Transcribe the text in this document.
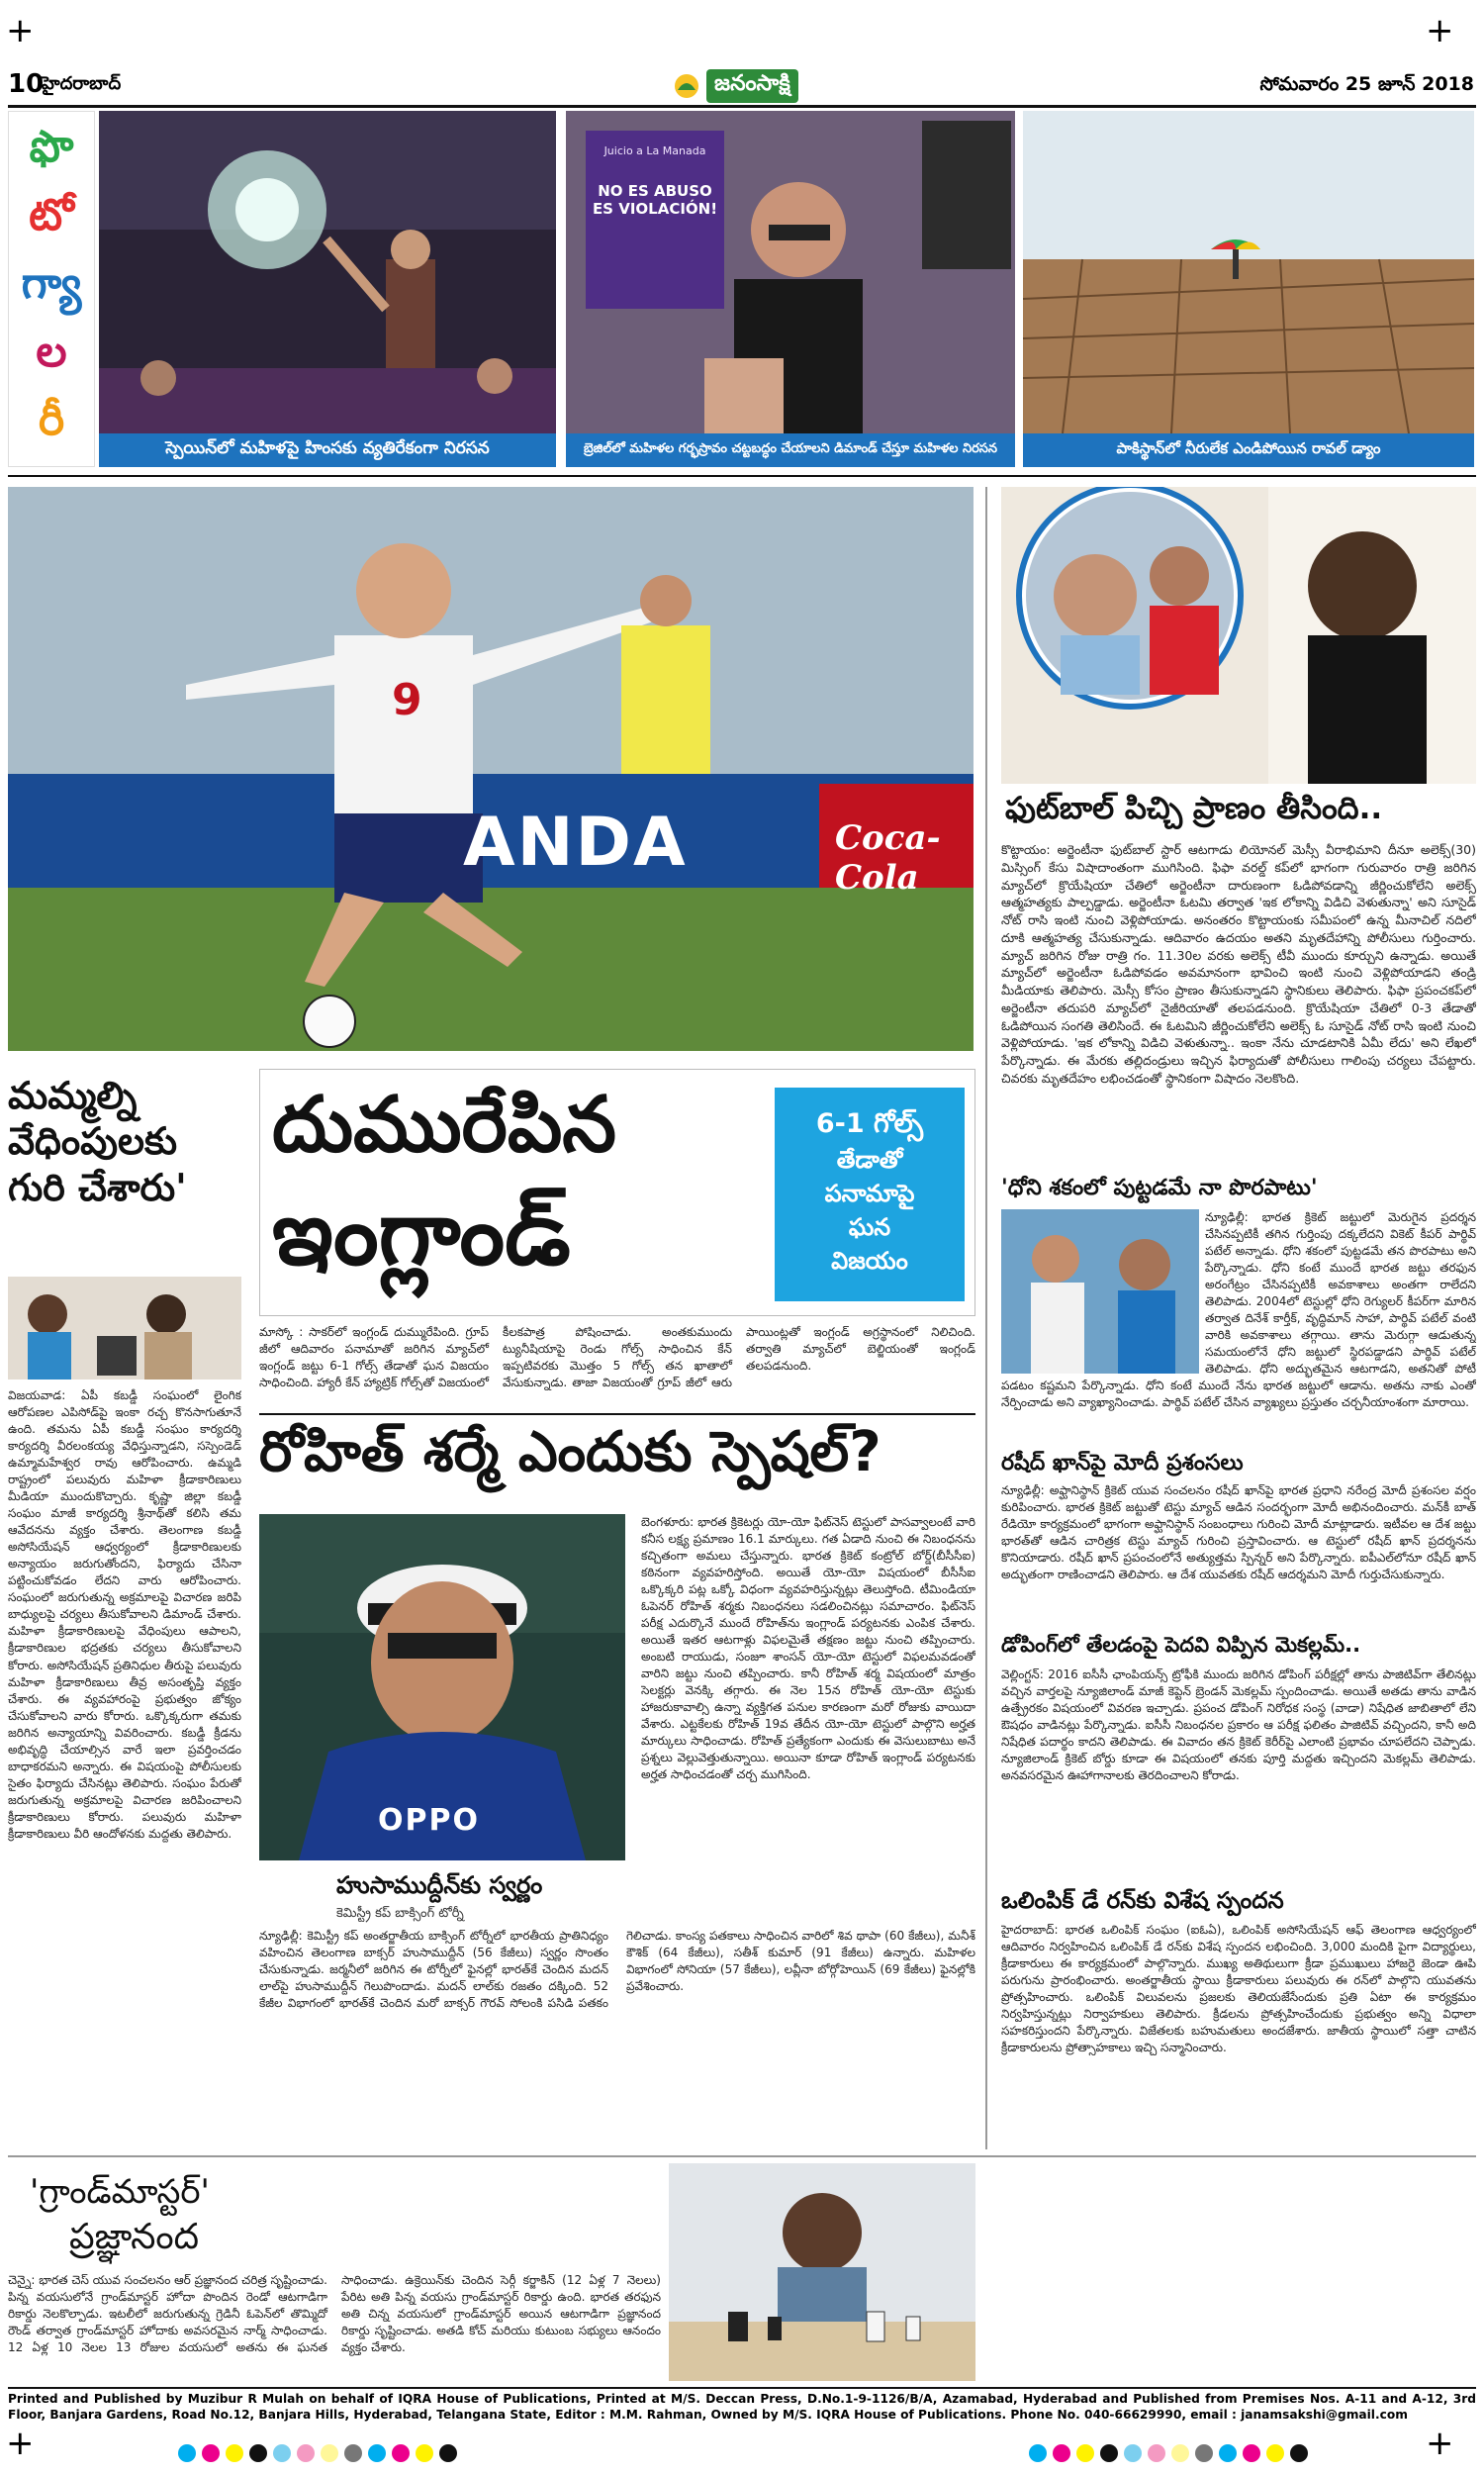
+	+
+	+
10
హైదరాబాద్	జనంసాక్షి	సోమవారం 25 జూన్ 2018
ఫొ
టో
గ్యా
ల
రీ
NO ES ABUSO ES VIOLACIÓN!
Juicio a La Manada
స్పెయిన్‌లో మహిళపై హింసకు వ్యతిరేకంగా నిరసన	బ్రెజిల్‌లో మహిళల గర్భస్రావం చట్టబద్ధం చేయాలని డిమాండ్ చేస్తూ మహిళల నిరసన	పాకిస్థాన్‌లో నీరులేక ఎండిపోయిన రావల్ డ్యాం
9
ANDA	Coca-Cola
ఫుట్‌బాల్ పిచ్చి ప్రాణం తీసింది..
కొట్టాయం: అర్జెంటీనా ఫుట్‌బాల్ స్టార్ ఆటగాడు లియోనల్ మెస్సీ వీరాభిమాని దీనూ అలెక్స్(30) మిస్సింగ్ కేసు విషాదాంతంగా ముగిసింది. ఫిఫా వరల్డ్ కప్‌లో భాగంగా గురువారం రాత్రి జరిగిన మ్యాచ్‌లో క్రొయేషియా చేతిలో అర్జెంటీనా దారుణంగా ఓడిపోవడాన్ని జీర్ణించుకోలేని అలెక్స్ ఆత్మహత్యకు పాల్పడ్డాడు. అర్జెంటీనా ఓటమి తర్వాత 'ఇక లోకాన్ని విడిచి వెళుతున్నా' అని సూసైడ్ నోట్ రాసి ఇంటి నుంచి వెళ్లిపోయాడు. అనంతరం కొట్టాయంకు సమీపంలో ఉన్న మీనాచిల్ నదిలో దూకి ఆత్మహత్య చేసుకున్నాడు. ఆదివారం ఉదయం అతని మృతదేహాన్ని పోలీసులు గుర్తించారు. మ్యాచ్ జరిగిన రోజు రాత్రి గం. 11.30ల వరకు అలెక్స్ టీవీ ముందు కూర్చుని ఉన్నాడు. అయితే మ్యాచ్‌లో అర్జెంటీనా ఓడిపోవడం అవమానంగా భావించి ఇంటి నుంచి వెళ్లిపోయాడని తండ్రి మీడియాకు తెలిపారు. మెస్సీ కోసం ప్రాణం తీసుకున్నాడని స్థానికులు తెలిపారు. ఫిఫా ప్రపంచకప్‌లో అర్జెంటీనా తదుపరి మ్యాచ్‌లో నైజీరియాతో తలపడనుంది. క్రొయేషియా చేతిలో 0-3 తేడాతో ఓడిపోయిన సంగతి తెలిసిందే. ఈ ఓటమిని జీర్ణించుకోలేని అలెక్స్ ఓ సూసైడ్ నోట్ రాసి ఇంటి నుంచి వెళ్లిపోయాడు. 'ఇక లోకాన్ని విడిచి వెళుతున్నా.. ఇంకా నేను చూడటానికి ఏమీ లేదు' అని లేఖలో పేర్కొన్నాడు. ఈ మేరకు తల్లిదండ్రులు ఇచ్చిన ఫిర్యాదుతో పోలీసులు గాలింపు చర్యలు చేపట్టారు. చివరకు మృతదేహం లభించడంతో స్థానికంగా విషాదం నెలకొంది.
మమ్మల్ని వేధింపులకు గురి చేశారు'
విజయవాడ: ఏపీ కబడ్డీ సంఘంలో లైంగిక ఆరోపణల ఎపిసోడ్‌పై ఇంకా రచ్చ కొనసాగుతూనే ఉంది. తమను ఏపీ కబడ్డీ సంఘం కార్యదర్శి కార్యదర్శి వీరలంకయ్య వేధిస్తున్నాడని, సస్పెండెడ్ ఉమ్మామహేశ్వర రావు ఆరోపించారు. ఉమ్మడి రాష్ట్రంలో పలువురు మహిళా క్రీడాకారిణులు మీడియా ముందుకొచ్చారు. కృష్ణా జిల్లా కబడ్డీ సంఘం మాజీ కార్యదర్శి శ్రీనాథ్‌తో కలిసి తమ ఆవేదనను వ్యక్తం చేశారు. తెలంగాణ కబడ్డీ అసోసియేషన్ ఆధ్వర్యంలో క్రీడాకారిణులకు అన్యాయం జరుగుతోందని, ఫిర్యాదు చేసినా పట్టించుకోవడం లేదని వారు ఆరోపించారు. సంఘంలో జరుగుతున్న అక్రమాలపై విచారణ జరిపి బాధ్యులపై చర్యలు తీసుకోవాలని డిమాండ్ చేశారు. మహిళా క్రీడాకారిణులపై వేధింపులు ఆపాలని, క్రీడాకారిణుల భద్రతకు చర్యలు తీసుకోవాలని కోరారు. అసోసియేషన్ ప్రతినిధుల తీరుపై పలువురు మహిళా క్రీడాకారిణులు తీవ్ర అసంతృప్తి వ్యక్తం చేశారు. ఈ వ్యవహారంపై ప్రభుత్వం జోక్యం చేసుకోవాలని వారు కోరారు. ఒక్కొక్కరుగా తమకు జరిగిన అన్యాయాన్ని వివరించారు. కబడ్డీ క్రీడను అభివృద్ధి చేయాల్సిన వారే ఇలా ప్రవర్తించడం బాధాకరమని అన్నారు. ఈ విషయంపై పోలీసులకు సైతం ఫిర్యాదు చేసినట్లు తెలిపారు. సంఘం పేరుతో జరుగుతున్న అక్రమాలపై విచారణ జరిపించాలని క్రీడాకారిణులు కోరారు. పలువురు మహిళా క్రీడాకారిణులు వీరి ఆందోళనకు మద్దతు తెలిపారు.
దుమురేపిన
ఇంగ్లాండ్
6-1 గోల్స్
తేడాతో
పనామాపై
ఘన
విజయం
మాస్కో : సాకర్‌లో ఇంగ్లండ్ దుమ్మురేపింది. గ్రూప్ జీలో ఆదివారం పనామాతో జరిగిన మ్యాచ్‌లో ఇంగ్లండ్ జట్టు 6-1 గోల్స్ తేడాతో ఘన విజయం సాధించింది. హ్యారీ కేన్ హ్యాట్రిక్ గోల్స్‌తో విజయంలో కీలకపాత్ర పోషించాడు. అంతకుముందు ట్యునీషియాపై రెండు గోల్స్ సాధించిన కేన్ ఇప్పటివరకు మొత్తం 5 గోల్స్ తన ఖాతాలో వేసుకున్నాడు. తాజా విజయంతో గ్రూప్ జీలో ఆరు పాయింట్లతో ఇంగ్లండ్ అగ్రస్థానంలో నిలిచింది. తర్వాతి మ్యాచ్‌లో బెల్జియంతో ఇంగ్లండ్ తలపడనుంది.
రోహిత్ శర్మే ఎందుకు స్పెషల్?
OPPO
బెంగళూరు: భారత క్రికెటర్లు యో-యో ఫిట్‌నెస్ టెస్టులో పాసవ్వాలంటే వారి కనీస లక్ష్య ప్రమాణం 16.1 మార్కులు. గత ఏడాది నుంచి ఈ నిబంధనను కచ్చితంగా అమలు చేస్తున్నారు. భారత క్రికెట్ కంట్రోల్ బోర్డ్(బీసీసీఐ) కఠినంగా వ్యవహరిస్తోంది. అయితే యో-యో విషయంలో బీసీసీఐ ఒక్కొక్కరి పట్ల ఒక్కో విధంగా వ్యవహరిస్తున్నట్లు తెలుస్తోంది. టీమిండియా ఓపెనర్ రోహిత్ శర్మకు నిబంధనలు సడలించినట్లు సమాచారం. ఫిట్‌నెస్ పరీక్ష ఎదుర్కొనే ముందే రోహిత్‌ను ఇంగ్లాండ్ పర్యటనకు ఎంపిక చేశారు. అయితే ఇతర ఆటగాళ్లు విఫలమైతే తక్షణం జట్టు నుంచి తప్పించారు. అంబటి రాయుడు, సంజూ శాంసన్ యో-యో టెస్టులో విఫలమవడంతో వారిని జట్టు నుంచి తప్పించారు. కానీ రోహిత్ శర్మ విషయంలో మాత్రం సెలక్టర్లు వెనక్కి తగ్గారు. ఈ నెల 15న రోహిత్ యో-యో టెస్టుకు హాజరుకావాల్సి ఉన్నా వ్యక్తిగత పనుల కారణంగా మరో రోజుకు వాయిదా వేశారు. ఎట్టకేలకు రోహిత్ 19వ తేదీన యో-యో టెస్టులో పాల్గొని అర్హత మార్కులు సాధించాడు. రోహిత్ ప్రత్యేకంగా ఎందుకు ఈ వెసులుబాటు అనే ప్రశ్నలు వెల్లువెత్తుతున్నాయి. అయినా కూడా రోహిత్ ఇంగ్లాండ్ పర్యటనకు అర్హత సాధించడంతో చర్చ ముగిసింది.
హుసాముద్దీన్‌కు స్వర్ణం
కెమిస్ట్రీ కప్ బాక్సింగ్ టోర్నీ
న్యూఢిల్లీ: కెమిస్ట్రీ కప్ అంతర్జాతీయ బాక్సింగ్ టోర్నీలో భారతీయ ప్రాతినిధ్యం వహించిన తెలంగాణ బాక్సర్ హుసాముద్దీన్ (56 కేజీలు) స్వర్ణం సొంతం చేసుకున్నాడు. జర్మనీలో జరిగిన ఈ టోర్నీలో ఫైనల్లో భారత్‌కే చెందిన మదన్ లాల్‌పై హుసాముద్దీన్ గెలుపొందాడు. మదన్ లాల్‌కు రజతం దక్కింది. 52 కేజీల విభాగంలో భారత్‌కే చెందిన మరో బాక్సర్ గౌరవ్ సోలంకి పసిడి పతకం గెలిచాడు. కాంస్య పతకాలు సాధించిన వారిలో శివ థాపా (60 కేజీలు), మనీశ్ కౌశిక్ (64 కేజీలు), సతీశ్ కుమార్ (91 కేజీలు) ఉన్నారు. మహిళల విభాగంలో సోనియా (57 కేజీలు), లవ్లీనా బోర్గోహెయిన్ (69 కేజీలు) ఫైనల్లోకి ప్రవేశించారు.
'గ్రాండ్‌మాస్టర్'
ప్రజ్ఞానంద
చెన్నై: భారత చెస్ యువ సంచలనం ఆర్ ప్రజ్ఞానంద చరిత్ర సృష్టించాడు. పిన్న వయసులోనే గ్రాండ్‌మాస్టర్ హోదా పొందిన రెండో ఆటగాడిగా రికార్డు నెలకొల్పాడు. ఇటలీలో జరుగుతున్న గ్రెడినీ ఓపెన్‌లో తొమ్మిదో రౌండ్ తర్వాత గ్రాండ్‌మాస్టర్ హోదాకు అవసరమైన నార్మ్ సాధించాడు. 12 ఏళ్ల 10 నెలల 13 రోజుల వయసులో అతను ఈ ఘనత సాధించాడు. ఉక్రెయిన్‌కు చెందిన సెర్గీ కర్జాకిన్ (12 ఏళ్ల 7 నెలలు) పేరిట అతి పిన్న వయసు గ్రాండ్‌మాస్టర్ రికార్డు ఉంది. భారత తరఫున అతి చిన్న వయసులో గ్రాండ్‌మాస్టర్ అయిన ఆటగాడిగా ప్రజ్ఞానంద రికార్డు సృష్టించాడు. అతడి కోచ్ మరియు కుటుంబ సభ్యులు ఆనందం వ్యక్తం చేశారు.
'ధోని శకంలో పుట్టడమే నా పొరపాటు'
న్యూఢిల్లీ: భారత క్రికెట్ జట్టులో మెరుగైన ప్రదర్శన చేసినప్పటికీ తగిన గుర్తింపు దక్కలేదని వికెట్ కీపర్ పార్థివ్ పటేల్ అన్నాడు. ధోని శకంలో పుట్టడమే తన పొరపాటు అని పేర్కొన్నాడు. ధోని కంటే ముందే భారత జట్టు తరఫున అరంగేట్రం చేసినప్పటికీ అవకాశాలు అంతగా రాలేదని తెలిపాడు. 2004లో టెస్టుల్లో ధోని రెగ్యులర్ కీపర్‌గా మారిన తర్వాత దినేశ్ కార్తీక్, వృద్ధిమాన్ సాహా, పార్థివ్ పటేల్ వంటి వారికి అవకాశాలు తగ్గాయి. తాను మెరుగ్గా ఆడుతున్న సమయంలోనే ధోని జట్టులో స్థిరపడ్డాడని పార్థివ్ పటేల్ తెలిపాడు. ధోని అద్భుతమైన ఆటగాడని, అతనితో పోటీ పడటం కష్టమని పేర్కొన్నాడు. ధోని కంటే ముందే నేను భారత జట్టులో ఆడాను. అతను నాకు ఎంతో నేర్పించాడు అని వ్యాఖ్యానించాడు. పార్థివ్ పటేల్ చేసిన వ్యాఖ్యలు ప్రస్తుతం చర్చనీయాంశంగా మారాయి.
రషీద్ ఖాన్‌పై మోదీ ప్రశంసలు
న్యూఢిల్లీ: అఫ్ఘానిస్థాన్ క్రికెట్ యువ సంచలనం రషీద్ ఖాన్‌పై భారత ప్రధాని నరేంద్ర మోదీ ప్రశంసల వర్షం కురిపించారు. భారత క్రికెట్ జట్టుతో టెస్టు మ్యాచ్ ఆడిన సందర్భంగా మోదీ అభినందించారు. మన్‌కీ బాత్ రేడియో కార్యక్రమంలో భాగంగా అఫ్ఘానిస్థాన్ సంబంధాలు గురించి మోదీ మాట్లాడారు. ఇటీవల ఆ దేశ జట్టు భారత్‌తో ఆడిన చారిత్రక టెస్టు మ్యాచ్ గురించి ప్రస్తావించారు. ఆ టెస్టులో రషీద్ ఖాన్ ప్రదర్శనను కొనియాడారు. రషీద్ ఖాన్ ప్రపంచంలోనే అత్యుత్తమ స్పిన్నర్ అని పేర్కొన్నారు. ఐపీఎల్‌లోనూ రషీద్ ఖాన్ అద్భుతంగా రాణించాడని తెలిపారు. ఆ దేశ యువతకు రషీద్ ఆదర్శమని మోదీ గుర్తుచేసుకున్నారు.
డోపింగ్‌లో తేలడంపై పెదవి విప్పిన మెకల్లమ్..
వెల్లింగ్టన్: 2016 ఐసీసీ ఛాంపియన్స్ ట్రోఫీకి ముందు జరిగిన డోపింగ్ పరీక్షల్లో తాను పాజిటివ్‌గా తేలినట్లు వచ్చిన వార్తలపై న్యూజిలాండ్ మాజీ కెప్టెన్ బ్రెండన్ మెకల్లమ్ స్పందించాడు. అయితే అతడు తాను వాడిన ఉత్ప్రేరకం విషయంలో వివరణ ఇచ్చాడు. ప్రపంచ డోపింగ్ నిరోధక సంస్థ (వాడా) నిషేధిత జాబితాలో లేని ఔషధం వాడినట్లు పేర్కొన్నాడు. ఐసీసీ నిబంధనల ప్రకారం ఆ పరీక్ష ఫలితం పాజిటివ్ వచ్చిందని, కానీ అది నిషేధిత పదార్థం కాదని తెలిపాడు. ఈ వివాదం తన క్రికెట్ కెరీర్‌పై ఎలాంటి ప్రభావం చూపలేదని చెప్పాడు. న్యూజిలాండ్ క్రికెట్ బోర్డు కూడా ఈ విషయంలో తనకు పూర్తి మద్దతు ఇచ్చిందని మెకల్లమ్ తెలిపాడు. అనవసరమైన ఊహాగానాలకు తెరదించాలని కోరాడు.
ఒలింపిక్ డే రన్‌కు విశేష స్పందన
హైదరాబాద్: భారత ఒలింపిక్ సంఘం (ఐఓఏ), ఒలింపిక్ అసోసియేషన్ ఆఫ్ తెలంగాణ ఆధ్వర్యంలో ఆదివారం నిర్వహించిన ఒలింపిక్ డే రన్‌కు విశేష స్పందన లభించింది. 3,000 మందికి పైగా విద్యార్థులు, క్రీడాకారులు ఈ కార్యక్రమంలో పాల్గొన్నారు. ముఖ్య అతిథులుగా క్రీడా ప్రముఖులు హాజరై జెండా ఊపి పరుగును ప్రారంభించారు. అంతర్జాతీయ స్థాయి క్రీడాకారులు పలువురు ఈ రన్‌లో పాల్గొని యువతను ప్రోత్సహించారు. ఒలింపిక్ విలువలను ప్రజలకు తెలియజేసేందుకు ప్రతి ఏటా ఈ కార్యక్రమం నిర్వహిస్తున్నట్లు నిర్వాహకులు తెలిపారు. క్రీడలను ప్రోత్సహించేందుకు ప్రభుత్వం అన్ని విధాలా సహకరిస్తుందని పేర్కొన్నారు. విజేతలకు బహుమతులు అందజేశారు. జాతీయ స్థాయిలో సత్తా చాటిన క్రీడాకారులను ప్రోత్సాహకాలు ఇచ్చి సన్మానించారు.
Printed and Published by Muzibur R Mulah on behalf of IQRA House of Publications, Printed at M/S. Deccan Press, D.No.1-9-1126/B/A, Azamabad, Hyderabad and Published from Premises Nos. A-11 and A-12, 3rd Floor, Banjara Gardens, Road No.12, Banjara Hills, Hyderabad, Telangana State, Editor : M.M. Rahman, Owned by M/S. IQRA House of Publications. Phone No. 040-66629990, email : janamsakshi@gmail.com
